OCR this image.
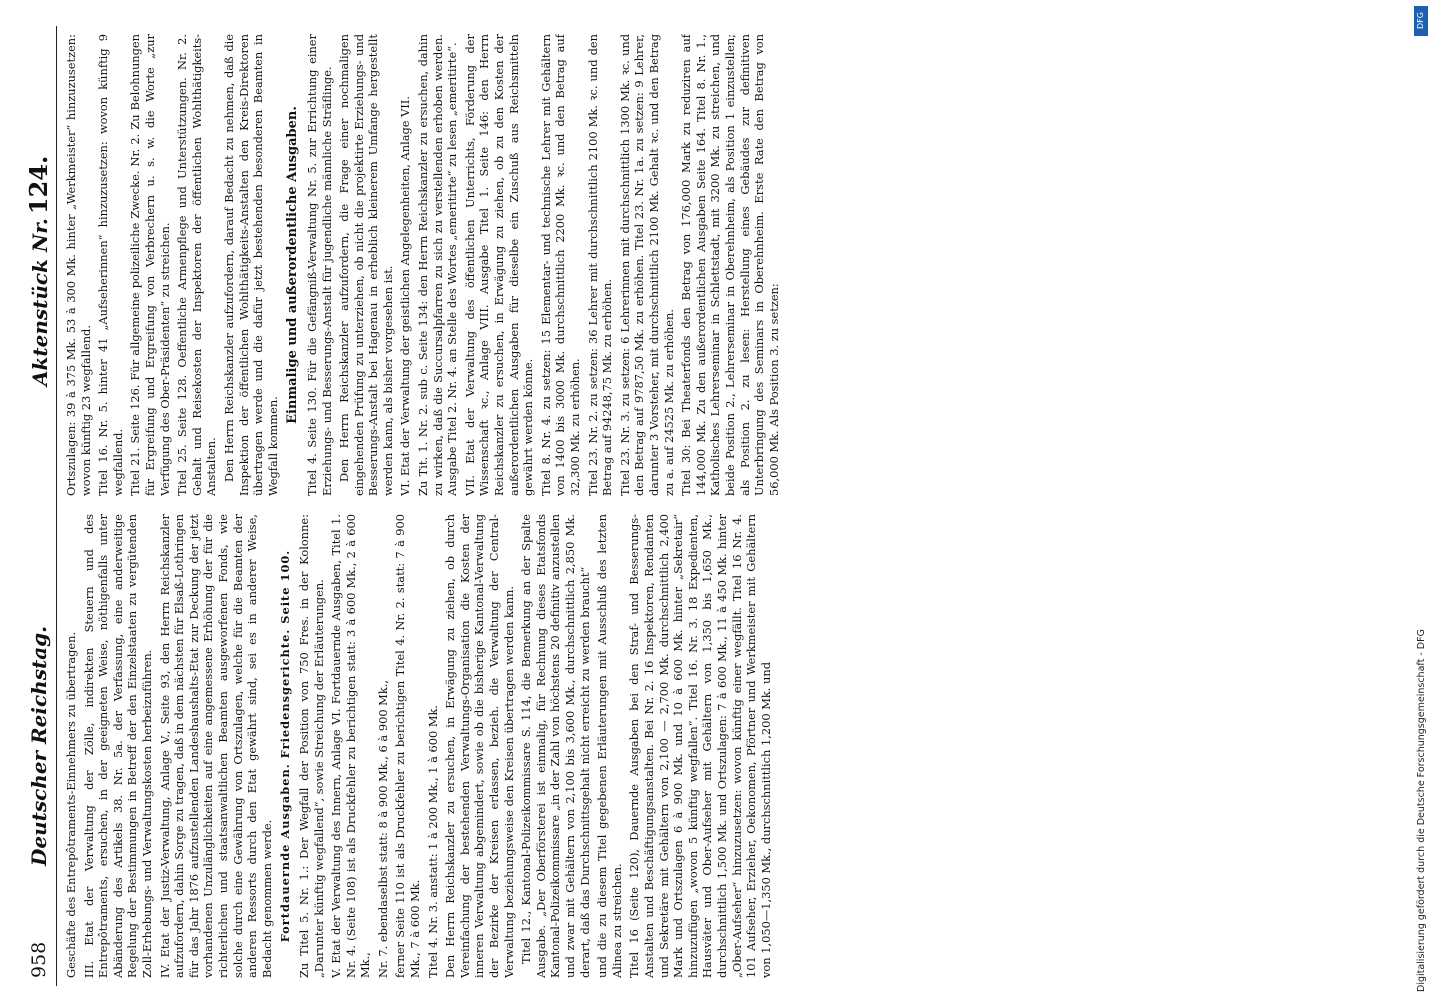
958
Deutscher Reichstag.
Aktenstück Nr.124.

Geschäfte des Entrepôtraments-Einnehmers zu übertragen. III. Etat der Verwaltung der Zölle, indirekten Steuern und des Entrepôtraments, ersuchen, in der geeigneten Weise, nöthigenfalls unter Abänderung des Artikels 38. Nr. 5a. der Verfassung, eine anderweitige Regelung der Bestimmungen in Betreff der den Einzelstaaten zu vergütenden Zoll-Erhebungs- und Verwaltungskosten herbeizuführen. IV. Etat der Justiz-Verwaltung, Anlage V., Seite 93, den Herrn Reichskanzler aufzufordern, dahin Sorge zu tragen, daß in dem nächsten für Elsaß-Lothringen für das Jahr 1876 aufzustellenden Landeshaushalts-Etat zur Deckung der jetzt vorhandenen Unzulänglichkeiten auf eine angemessene Erhöhung der für die richterlichen und staatsanwaltlichen Beamten ausgeworfenen Fonds, wie solche durch eine Gewährung von Ortszulagen, welche für die Beamten der anderen Ressorts durch den Etat gewährt sind, sei es in anderer Weise, Bedacht genommen werde. Fortdauernde Ausgaben. Friedensgerichte. Seite 100. Zu Titel 5. Nr. 1.: Der Wegfall der Position von 750 Fres. in der Kolonne: „Darunter künftig wegfallend“, sowie Streichung der Erläuterungen. V. Etat der Verwaltung des Innern, Anlage VI. Fortdauernde Ausgaben, Titel 1. Nr. 4. (Seite 108) ist als Druckfehler zu berichtigen statt: 3 à 600 Mk., 2 à 600 Mk., Nr. 7. ebendaselbst statt: 8 à 900 Mk., 6 à 900 Mk., ferner Seite 110 ist als Druckfehler zu berichtigen Titel 4. Nr. 2. statt: 7 à 900 Mk., 7 à 600 Mk. Titel 4. Nr. 3. anstatt: 1 à 200 Mk., 1 à 600 Mk. Den Herrn Reichskanzler zu ersuchen, in Erwägung zu ziehen, ob durch Vereinfachung der bestehenden Verwaltungs-Organisation die Kosten der inneren Verwaltung abgemindert, sowie ob die bisherige Kantonal-Verwaltung der Bezirke der Kreisen erlassen, bezieh. die Verwaltung der Central-Verwaltung beziehungsweise den Kreisen übertragen werden kann. Titel 12., Kantonal-Polizeikommissare S. 114, die Bemerkung an der Spalte Ausgabe. „Der Oberförsterei ist einmalig, für Rechnung dieses Etatsfonds Kantonal-Polizeikommissare „in der Zahl von höchstens 20 definitiv anzustellen und zwar mit Gehältern von 2,100 bis 3,600 Mk., durchschnittlich 2,850 Mk. derart, daß das Durchschnittsgehalt nicht erreicht zu werden braucht“ und die zu diesem Titel gegebenen Erläuterungen mit Ausschluß des letzten Alinea zu streichen. Titel 16 (Seite 120), Dauernde Ausgaben bei den Straf- und Besserungs-Anstalten und Beschäftigungsanstalten. Bei Nr. 2. 16 Inspektoren, Rendanten und Sekretäre mit Gehältern von 2,100 — 2,700 Mk. durchschnittlich 2,400 Mark und Ortszulagen 6 à 900 Mk. und 10 à 600 Mk. hinter „Sekretair“ hinzuzufügen „wovon 5 künftig wegfallen“. Titel 16. Nr. 3. 18 Expedienten, Hausväter und Ober-Aufseher mit Gehältern von 1,350 bis 1,650 Mk., durchschnittlich 1,500 Mk. und Ortszulagen: 7 à 600 Mk., 11 à 450 Mk. hinter „Ober-Aufseher“ hinzuzusetzen: wovon künftig einer wegfällt. Titel 16 Nr. 4. 101 Aufseher, Erzieher, Oekonomen, Pförtner und Werkmeister mit Gehältern von 1,050—1,350 Mk., durchschnittlich 1,200 Mk. und

Ortszulagen: 39 à 375 Mk. 53 à 300 Mk. hinter „Werkmeister“ hinzuzusetzen: wovon künftig 23 wegfallend. Titel 16. Nr. 5. hinter 41 „Aufseherinnen“ hinzuzusetzen: wovon künftig 9 wegfallend. Titel 21. Seite 126. Für allgemeine polizeiliche Zwecke. Nr. 2. Zu Belohnungen für Ergreifung und Ergreifung von Verbrechern u. s. w. die Worte „zur Verfügung des Ober-Präsidenten“ zu streichen. Titel 25. Seite 128. Oeffentliche Armenpflege und Unterstützungen. Nr. 2. Gehalt und Reisekosten der Inspektoren der öffentlichen Wohlthätigkeits-Anstalten. Den Herrn Reichskanzler aufzufordern, darauf Bedacht zu nehmen, daß die Inspektion der öffentlichen Wohlthätigkeits-Anstalten den Kreis-Direktoren übertragen werde und die dafür jetzt bestehenden besonderen Beamten in Wegfall kommen.

Einmalige und außerordentliche Ausgaben. Titel 4. Seite 130. Für die Gefängniß-Verwaltung Nr. 5. zur Errichtung einer Erziehungs- und Besserungs-Anstalt für jugendliche männliche Sträflinge. Den Herrn Reichskanzler aufzufordern, die Frage einer nochmaligen eingehenden Prüfung zu unterziehen, ob nicht die projektirte Erziehungs- und Besserungs-Anstalt bei Hagenau in erheblich kleinerem Umfange hergestellt werden kann, als bisher vorgesehen ist. VI. Etat der Verwaltung der geistlichen Angelegenheiten, Anlage VII. Zu Tit. 1. Nr. 2. sub c. Seite 134: den Herrn Reichskanzler zu ersuchen, dahin zu wirken, daß die Succursalpfarren zu sich zu verstellenden erhoben werden. Ausgabe Titel 2. Nr. 4. an Stelle des Wortes „emeritirte“ zu lesen „emeritirte“. VII. Etat der Verwaltung des öffentlichen Unterrichts, Förderung der Wissenschaft ꝛc., Anlage VIII. Ausgabe Titel 1. Seite 146: den Herrn Reichskanzler zu ersuchen, in Erwägung zu ziehen, ob zu den Kosten der außerordentlichen Ausgaben für dieselbe ein Zuschuß aus Reichsmitteln gewährt werden könne. Titel 8. Nr. 4. zu setzen: 15 Elementar- und technische Lehrer mit Gehältern von 1400 bis 3000 Mk. durchschnittlich 2200 Mk. ꝛc. und den Betrag auf 32,300 Mk. zu erhöhen. Titel 23. Nr. 2. zu setzen: 36 Lehrer mit durchschnittlich 2100 Mk. ꝛc. und den Betrag auf 94248,75 Mk. zu erhöhen. Titel 23. Nr. 3. zu setzen: 6 Lehrerinnen mit durchschnittlich 1300 Mk. ꝛc. und den Betrag auf 9787,50 Mk. zu erhöhen. Titel 23. Nr. 1a. zu setzen: 9 Lehrer, darunter 3 Vorsteher, mit durchschnittlich 2100 Mk. Gehalt ꝛc. und den Betrag zu a. auf 24525 Mk. zu erhöhen. Titel 30: Bei Theaterfonds den Betrag von 176,000 Mark zu reduziren auf 144,000 Mk. Zu den außerordentlichen Ausgaben Seite 164. Titel 8. Nr. 1., Katholisches Lehrerseminar in Schlettstadt, mit 3200 Mk. zu streichen, und beide Position 2., Lehrerseminar in Oberehnheim, als Position 1 einzustellen; als Position 2. zu lesen: Herstellung eines Gebäudes zur definitiven Unterbringung des Seminars in Oberehnheim. Erste Rate den Betrag von 56,000 Mk. Als Position 3. zu setzen:

Digitalisierung gefördert durch die Deutsche Forschungsgemeinschaft - DFG
DFG
